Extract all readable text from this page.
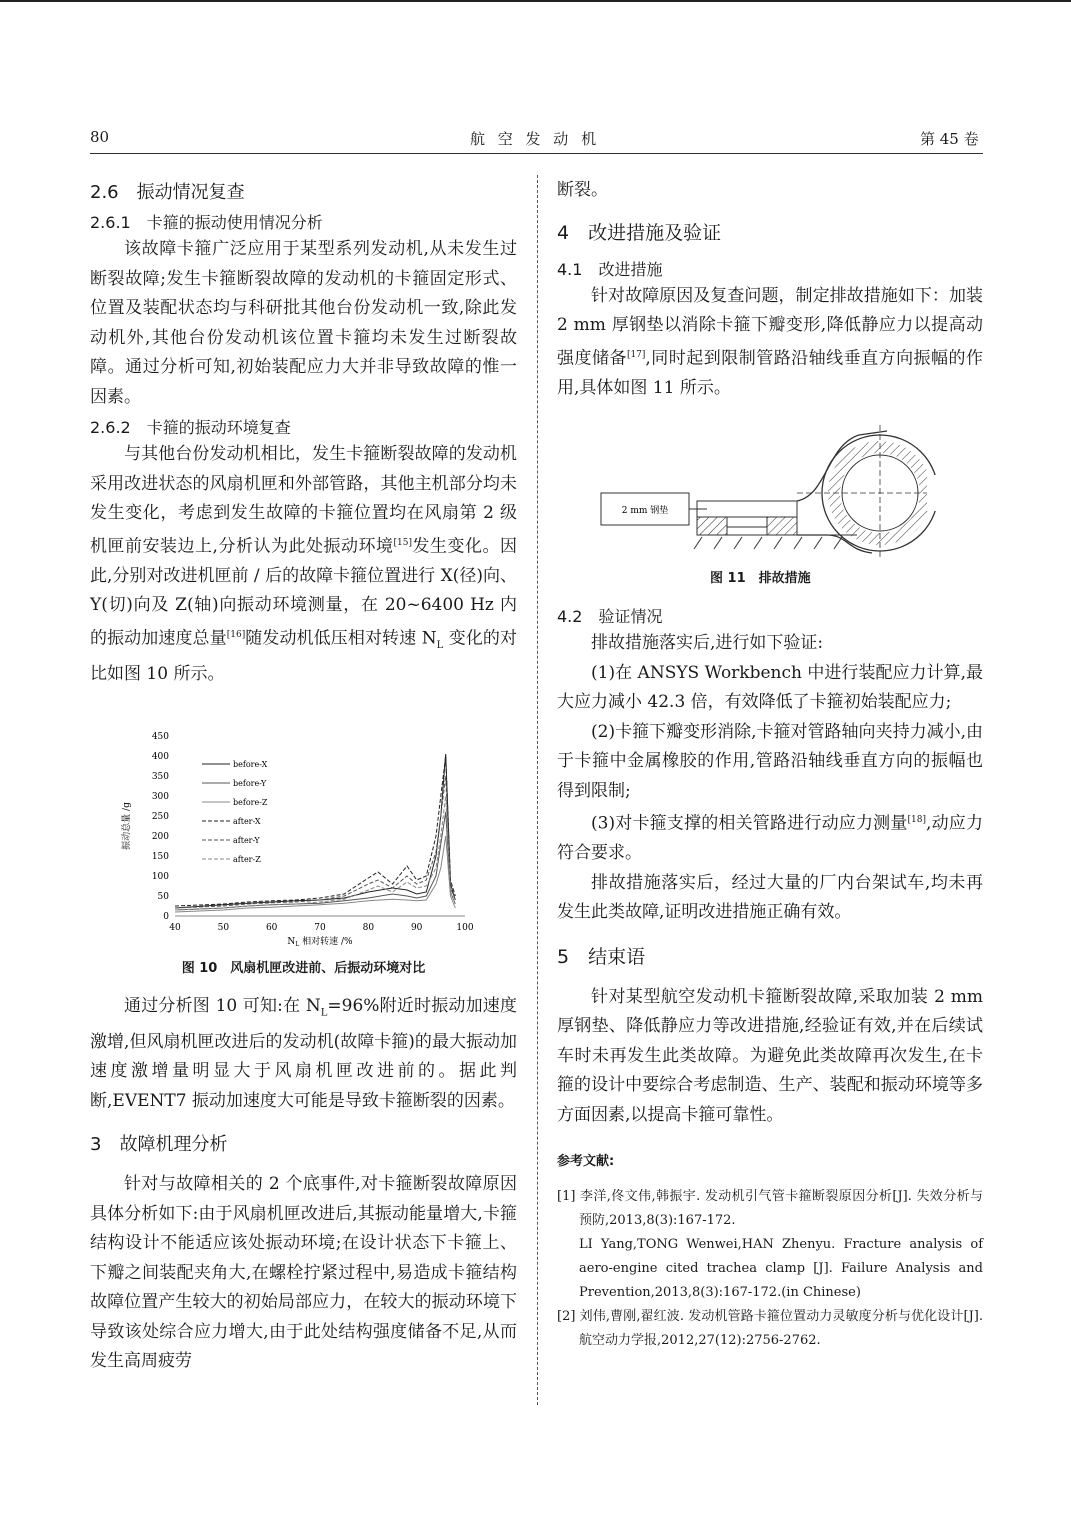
80	航 空 发 动 机	第 45 卷

2.6　振动情况复查

2.6.1　卡箍的振动使用情况分析

该故障卡箍广泛应用于某型系列发动机,从未发生过断裂故障;发生卡箍断裂故障的发动机的卡箍固定形式、位置及装配状态均与科研批其他台份发动机一致,除此发动机外,其他台份发动机该位置卡箍均未发生过断裂故障。通过分析可知,初始装配应力大并非导致故障的惟一因素。

2.6.2　卡箍的振动环境复查

与其他台份发动机相比，发生卡箍断裂故障的发动机采用改进状态的风扇机匣和外部管路，其他主机部分均未发生变化，考虑到发生故障的卡箍位置均在风扇第 2 级机匣前安装边上,分析认为此处振动环境[15]发生变化。因此,分别对改进机匣前 / 后的故障卡箍位置进行 X(径)向、Y(切)向及 Z(轴)向振动环境测量，在 20~6400 Hz 内的振动加速度总量[16]随发动机低压相对转速 $N_L$ 变化的对比如图 10 所示。

0
50
100
150
200
250
300
350
400
450
40	50	60	70	80	90	100
振动总量 /g
$N_L$ 相对转速 /%
before-X
before-Y
before-Z
after-X
after-Y
after-Z

图 10　风扇机匣改进前、后振动环境对比

通过分析图 10 可知:在 $N_L=96\%$附近时振动加速度激增,但风扇机匣改进后的发动机(故障卡箍)的最大振动加速度激增量明显大于风扇机匣改进前的。据此判断,EVENT7 振动加速度大可能是导致卡箍断裂的因素。

3　故障机理分析

针对与故障相关的 2 个底事件,对卡箍断裂故障原因具体分析如下:由于风扇机匣改进后,其振动能量增大,卡箍结构设计不能适应该处振动环境;在设计状态下卡箍上、下瓣之间装配夹角大,在螺栓拧紧过程中,易造成卡箍结构故障位置产生较大的初始局部应力，在较大的振动环境下导致该处综合应力增大,由于此处结构强度储备不足,从而发生高周疲劳

断裂。

4　改进措施及验证

4.1　改进措施

针对故障原因及复查问题，制定排故措施如下：加装 2 mm 厚钢垫以消除卡箍下瓣变形,降低静应力以提高动强度储备[17],同时起到限制管路沿轴线垂直方向振幅的作用,具体如图 11 所示。

2 mm 钢垫

图 11　排故措施

4.2　验证情况

排故措施落实后,进行如下验证:

(1)在 ANSYS Workbench 中进行装配应力计算,最大应力减小 42.3 倍，有效降低了卡箍初始装配应力;

(2)卡箍下瓣变形消除,卡箍对管路轴向夹持力减小,由于卡箍中金属橡胶的作用,管路沿轴线垂直方向的振幅也得到限制;

(3)对卡箍支撑的相关管路进行动应力测量[18],动应力符合要求。

排故措施落实后，经过大量的厂内台架试车,均未再发生此类故障,证明改进措施正确有效。

5　结束语

针对某型航空发动机卡箍断裂故障,采取加装 2 mm 厚钢垫、降低静应力等改进措施,经验证有效,并在后续试车时未再发生此类故障。为避免此类故障再次发生,在卡箍的设计中要综合考虑制造、生产、装配和振动环境等多方面因素,以提高卡箍可靠性。

参考文献:

[1] 李洋,佟文伟,韩振宇. 发动机引气管卡箍断裂原因分析[J]. 失效分析与预防,2013,8(3):167-172.

LI Yang,TONG Wenwei,HAN Zhenyu. Fracture analysis of aero-engine cited trachea clamp [J]. Failure Analysis and Prevention,2013,8(3):167-172.(in Chinese)

[2] 刘伟,曹刚,翟红波. 发动机管路卡箍位置动力灵敏度分析与优化设计[J].航空动力学报,2012,27(12):2756-2762.
